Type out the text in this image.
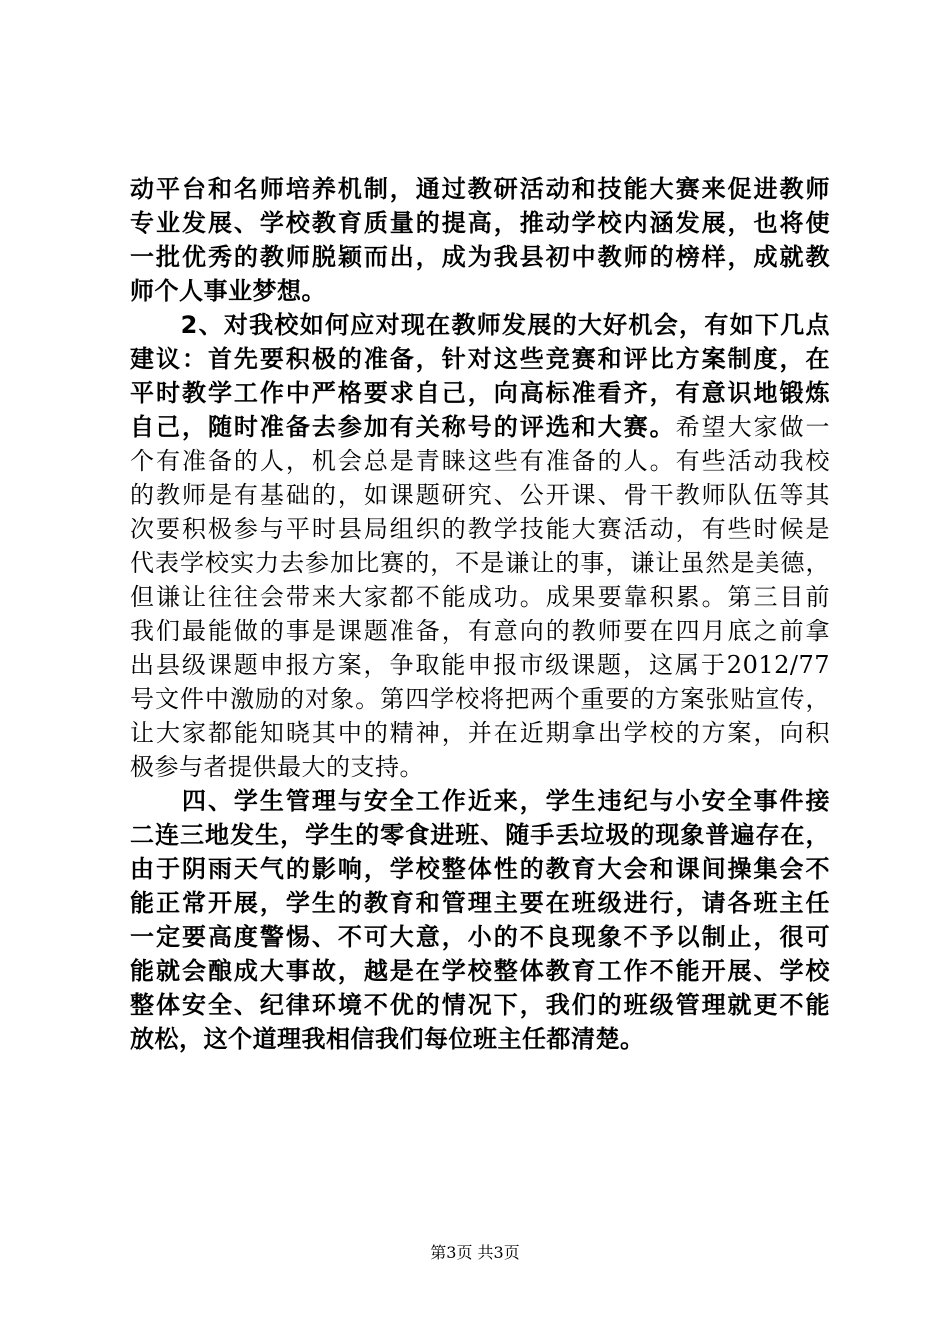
动平台和名师培养机制，通过教研活动和技能大赛来促进教师
专业发展、学校教育质量的提高，推动学校内涵发展，也将使
一批优秀的教师脱颖而出，成为我县初中教师的榜样，成就教
师个人事业梦想。
　　2、对我校如何应对现在教师发展的大好机会，有如下几点
建议：首先要积极的准备，针对这些竞赛和评比方案制度，在
平时教学工作中严格要求自己，向高标准看齐，有意识地锻炼
自己，随时准备去参加有关称号的评选和大赛。希望大家做一
个有准备的人，机会总是青睐这些有准备的人。有些活动我校
的教师是有基础的，如课题研究、公开课、骨干教师队伍等其
次要积极参与平时县局组织的教学技能大赛活动，有些时候是
代表学校实力去参加比赛的，不是谦让的事，谦让虽然是美德，
但谦让往往会带来大家都不能成功。成果要靠积累。第三目前
我们最能做的事是课题准备，有意向的教师要在四月底之前拿
出县级课题申报方案，争取能申报市级课题，这属于2012/77
号文件中激励的对象。第四学校将把两个重要的方案张贴宣传，
让大家都能知晓其中的精神，并在近期拿出学校的方案，向积
极参与者提供最大的支持。
　　四、学生管理与安全工作近来，学生违纪与小安全事件接
二连三地发生，学生的零食进班、随手丢垃圾的现象普遍存在，
由于阴雨天气的影响，学校整体性的教育大会和课间操集会不
能正常开展，学生的教育和管理主要在班级进行，请各班主任
一定要高度警惕、不可大意，小的不良现象不予以制止，很可
能就会酿成大事故，越是在学校整体教育工作不能开展、学校
整体安全、纪律环境不优的情况下，我们的班级管理就更不能
放松，这个道理我相信我们每位班主任都清楚。
第3页 共3页
